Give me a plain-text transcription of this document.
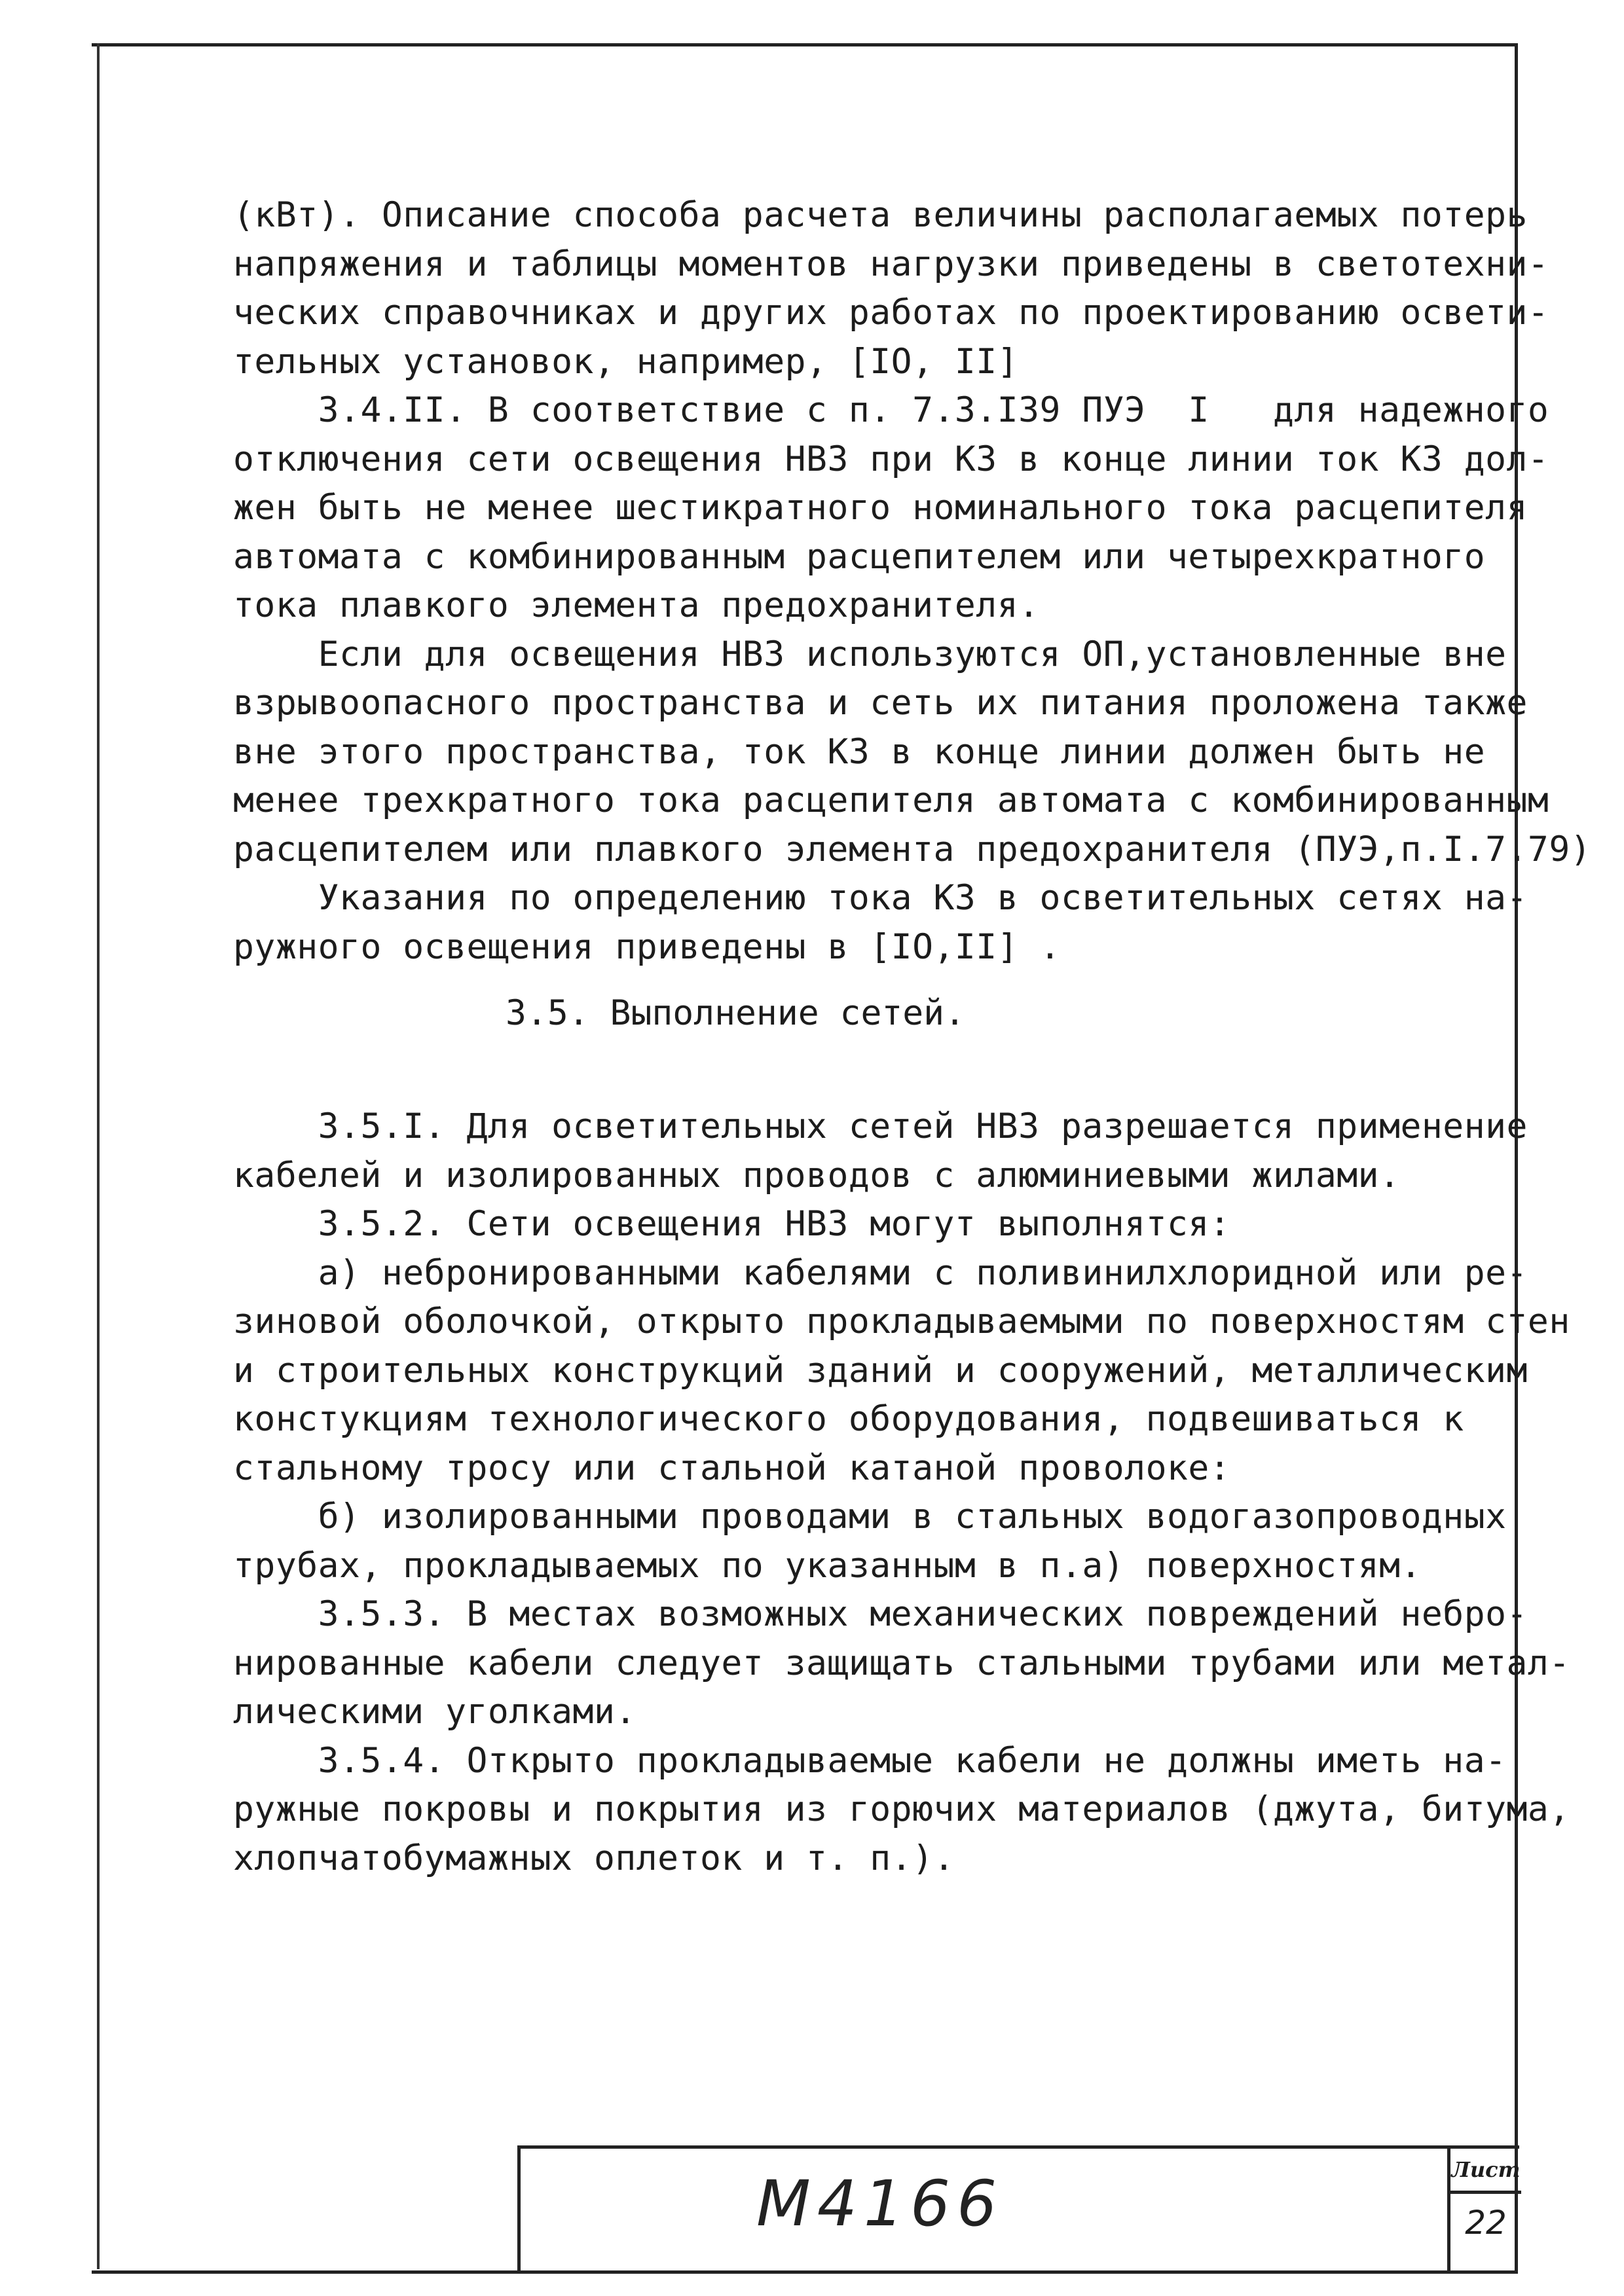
(кВт). Описание способа расчета величины располагаемых потерь
напряжения и таблицы моментов нагрузки приведены в светотехни-
ческих справочниках и других работах по проектированию освети-
тельных установок, например, [IO, II]
3.4.II. В соответствие с п. 7.3.I39 ПУЭ  I   для надежного
отключения сети освещения НВЗ при КЗ в конце линии ток КЗ дол-
жен быть не менее шестикратного номинального тока расцепителя
автомата с комбинированным расцепителем или четырехкратного
тока плавкого элемента предохранителя.
Если для освещения НВЗ используются ОП,установленные вне
взрывоопасного пространства и сеть их питания проложена также
вне этого пространства, ток КЗ в конце линии должен быть не
менее трехкратного тока расцепителя автомата с комбинированным
расцепителем или плавкого элемента предохранителя (ПУЭ,п.I.7.79)
Указания по определению тока КЗ в осветительных сетях на-
ружного освещения приведены в [IO,II] .
3.5. Выполнение сетей.
3.5.I. Для осветительных сетей НВЗ разрешается применение
кабелей и изолированных проводов с алюминиевыми жилами.
3.5.2. Сети освещения НВЗ могут выполнятся:
а) небронированными кабелями с поливинилхлоридной или ре-
зиновой оболочкой, открыто прокладываемыми по поверхностям стен
и строительных конструкций зданий и сооружений, металлическим
констукциям технологического оборудования, подвешиваться к
стальному тросу или стальной катаной проволоке:
б) изолированными проводами в стальных водогазопроводных
трубах, прокладываемых по указанным в п.а) поверхностям.
3.5.3. В местах возможных механических повреждений небро-
нированные кабели следует защищать стальными трубами или метал-
лическими уголками.
3.5.4. Открыто прокладываемые кабели не должны иметь на-
ружные покровы и покрытия из горючих материалов (джута, битума,
хлопчатобумажных оплеток и т. п.).
М4166	Лист
22
